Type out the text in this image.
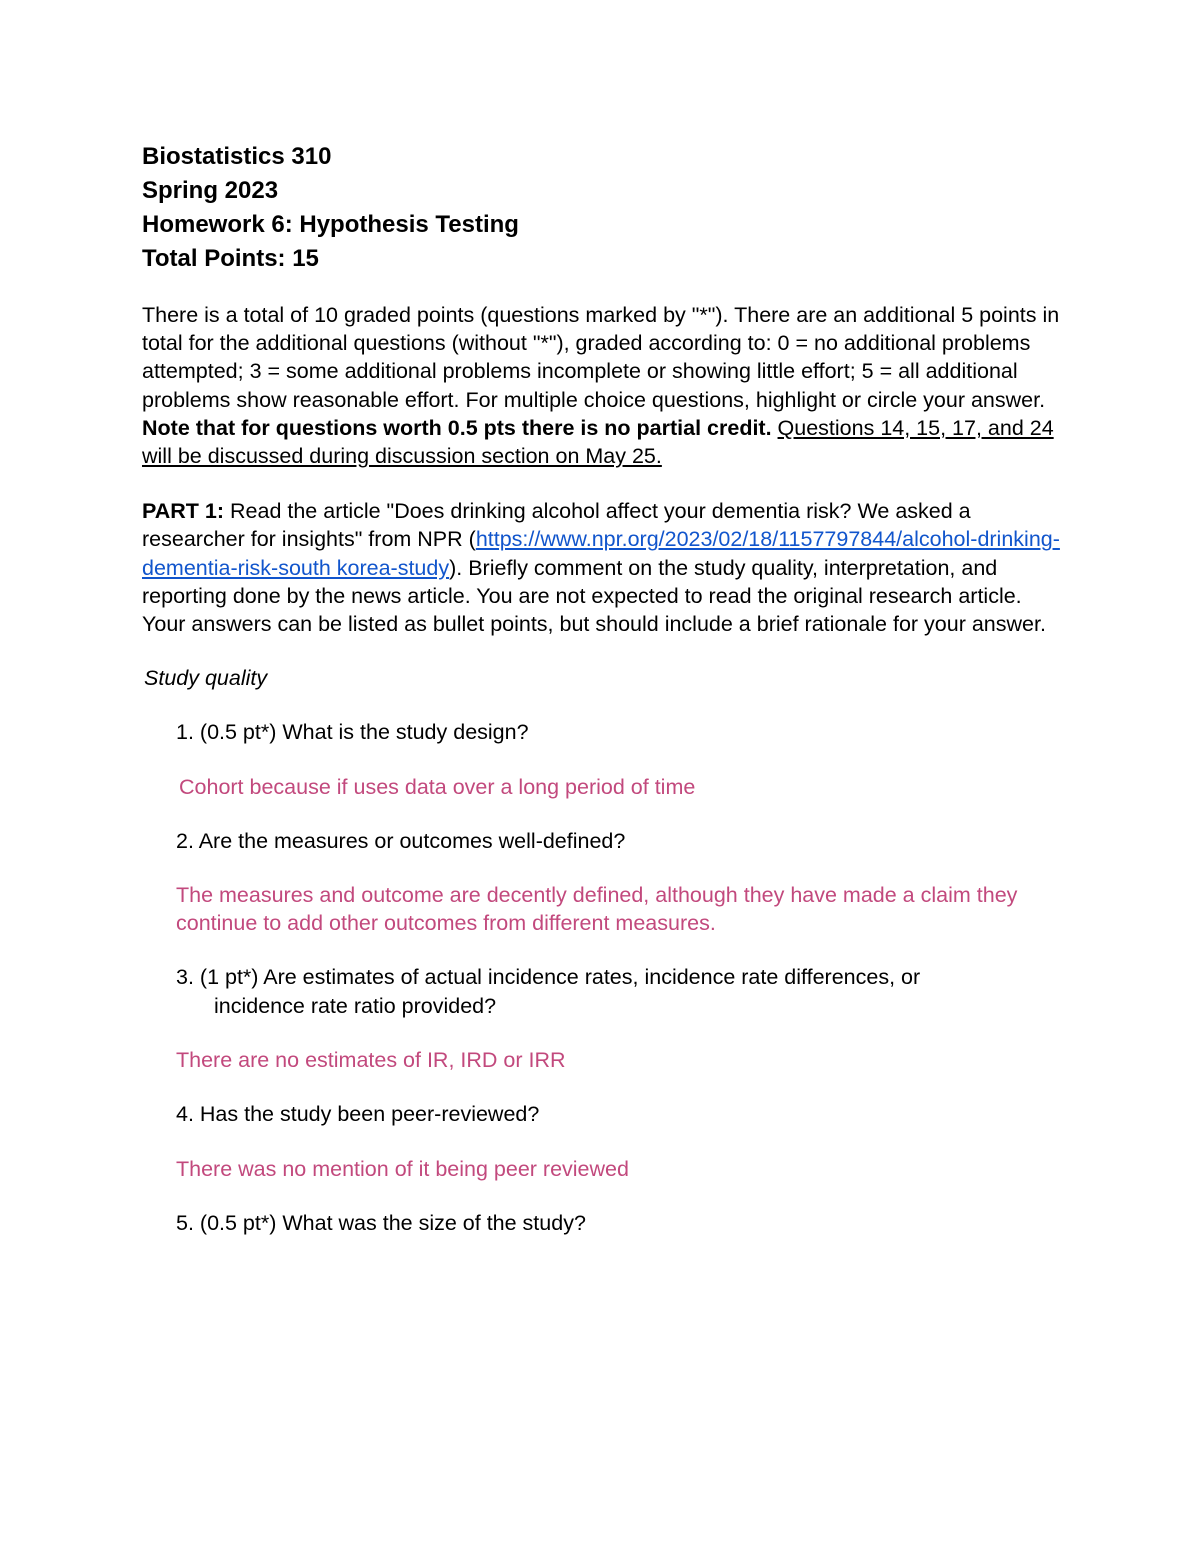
Biostatistics 310

Spring 2023

Homework 6: Hypothesis Testing

Total Points: 15

There is a total of 10 graded points (questions marked by "*"). There are an additional 5 points in total for the additional questions (without "*"), graded according to: 0 = no additional problems attempted; 3 = some additional problems incomplete or showing little effort; 5 = all additional problems show reasonable effort. For multiple choice questions, highlight or circle your answer. Note that for questions worth 0.5 pts there is no partial credit. Questions 14, 15, 17, and 24 will be discussed during discussion section on May 25.

PART 1: Read the article "Does drinking alcohol affect your dementia risk? We asked a researcher for insights" from NPR (https://www.npr.org/2023/02/18/1157797844/alcohol-drinking-dementia-risk-south korea-study). Briefly comment on the study quality, interpretation, and reporting done by the news article. You are not expected to read the original research article. Your answers can be listed as bullet points, but should include a brief rationale for your answer.

Study quality

1. (0.5 pt*) What is the study design?

Cohort because if uses data over a long period of time

2. Are the measures or outcomes well-defined?

The measures and outcome are decently defined, although they have made a claim they continue to add other outcomes from different measures.

3. (1 pt*) Are estimates of actual incidence rates, incidence rate differences, or
incidence rate ratio provided?

There are no estimates of IR, IRD or IRR

4. Has the study been peer-reviewed?

There was no mention of it being peer reviewed

5. (0.5 pt*) What was the size of the study?
